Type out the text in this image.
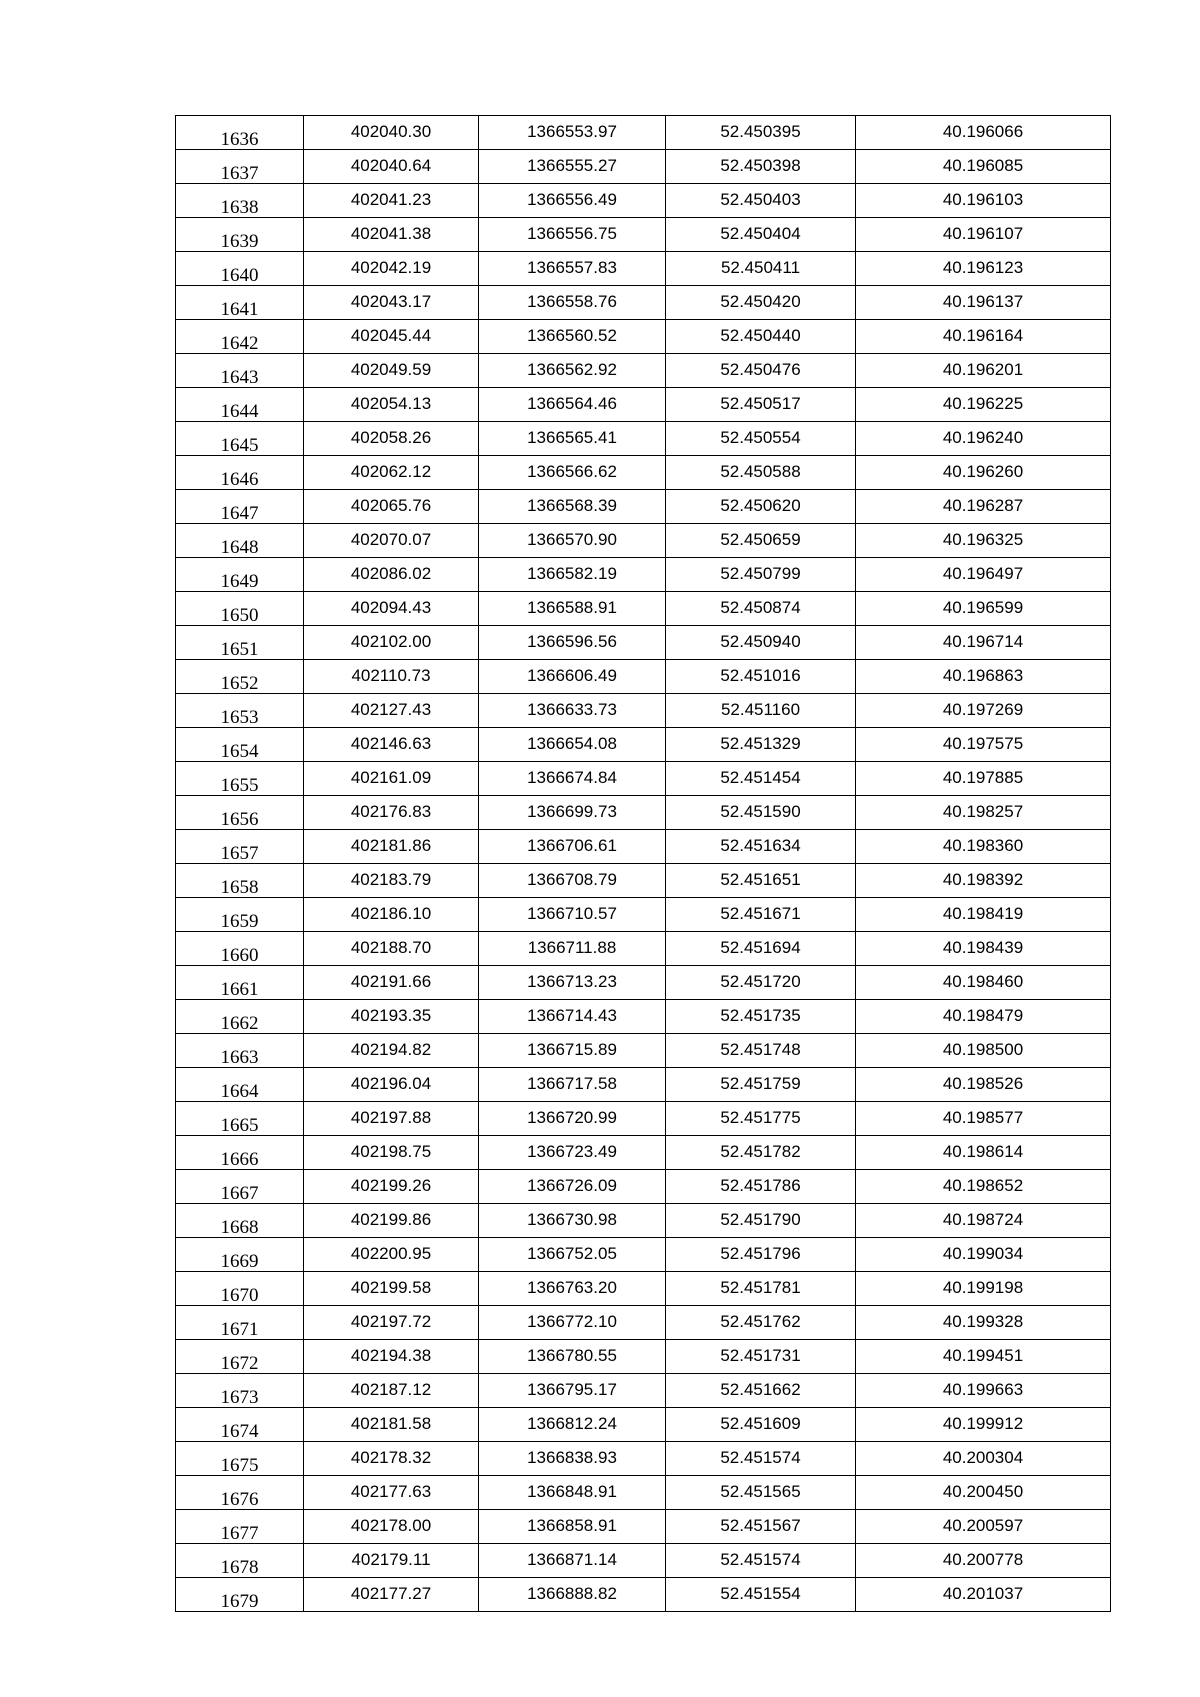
1636	402040.30	1366553.97	52.450395	40.196066
1637	402040.64	1366555.27	52.450398	40.196085
1638	402041.23	1366556.49	52.450403	40.196103
1639	402041.38	1366556.75	52.450404	40.196107
1640	402042.19	1366557.83	52.450411	40.196123
1641	402043.17	1366558.76	52.450420	40.196137
1642	402045.44	1366560.52	52.450440	40.196164
1643	402049.59	1366562.92	52.450476	40.196201
1644	402054.13	1366564.46	52.450517	40.196225
1645	402058.26	1366565.41	52.450554	40.196240
1646	402062.12	1366566.62	52.450588	40.196260
1647	402065.76	1366568.39	52.450620	40.196287
1648	402070.07	1366570.90	52.450659	40.196325
1649	402086.02	1366582.19	52.450799	40.196497
1650	402094.43	1366588.91	52.450874	40.196599
1651	402102.00	1366596.56	52.450940	40.196714
1652	402110.73	1366606.49	52.451016	40.196863
1653	402127.43	1366633.73	52.451160	40.197269
1654	402146.63	1366654.08	52.451329	40.197575
1655	402161.09	1366674.84	52.451454	40.197885
1656	402176.83	1366699.73	52.451590	40.198257
1657	402181.86	1366706.61	52.451634	40.198360
1658	402183.79	1366708.79	52.451651	40.198392
1659	402186.10	1366710.57	52.451671	40.198419
1660	402188.70	1366711.88	52.451694	40.198439
1661	402191.66	1366713.23	52.451720	40.198460
1662	402193.35	1366714.43	52.451735	40.198479
1663	402194.82	1366715.89	52.451748	40.198500
1664	402196.04	1366717.58	52.451759	40.198526
1665	402197.88	1366720.99	52.451775	40.198577
1666	402198.75	1366723.49	52.451782	40.198614
1667	402199.26	1366726.09	52.451786	40.198652
1668	402199.86	1366730.98	52.451790	40.198724
1669	402200.95	1366752.05	52.451796	40.199034
1670	402199.58	1366763.20	52.451781	40.199198
1671	402197.72	1366772.10	52.451762	40.199328
1672	402194.38	1366780.55	52.451731	40.199451
1673	402187.12	1366795.17	52.451662	40.199663
1674	402181.58	1366812.24	52.451609	40.199912
1675	402178.32	1366838.93	52.451574	40.200304
1676	402177.63	1366848.91	52.451565	40.200450
1677	402178.00	1366858.91	52.451567	40.200597
1678	402179.11	1366871.14	52.451574	40.200778
1679	402177.27	1366888.82	52.451554	40.201037
